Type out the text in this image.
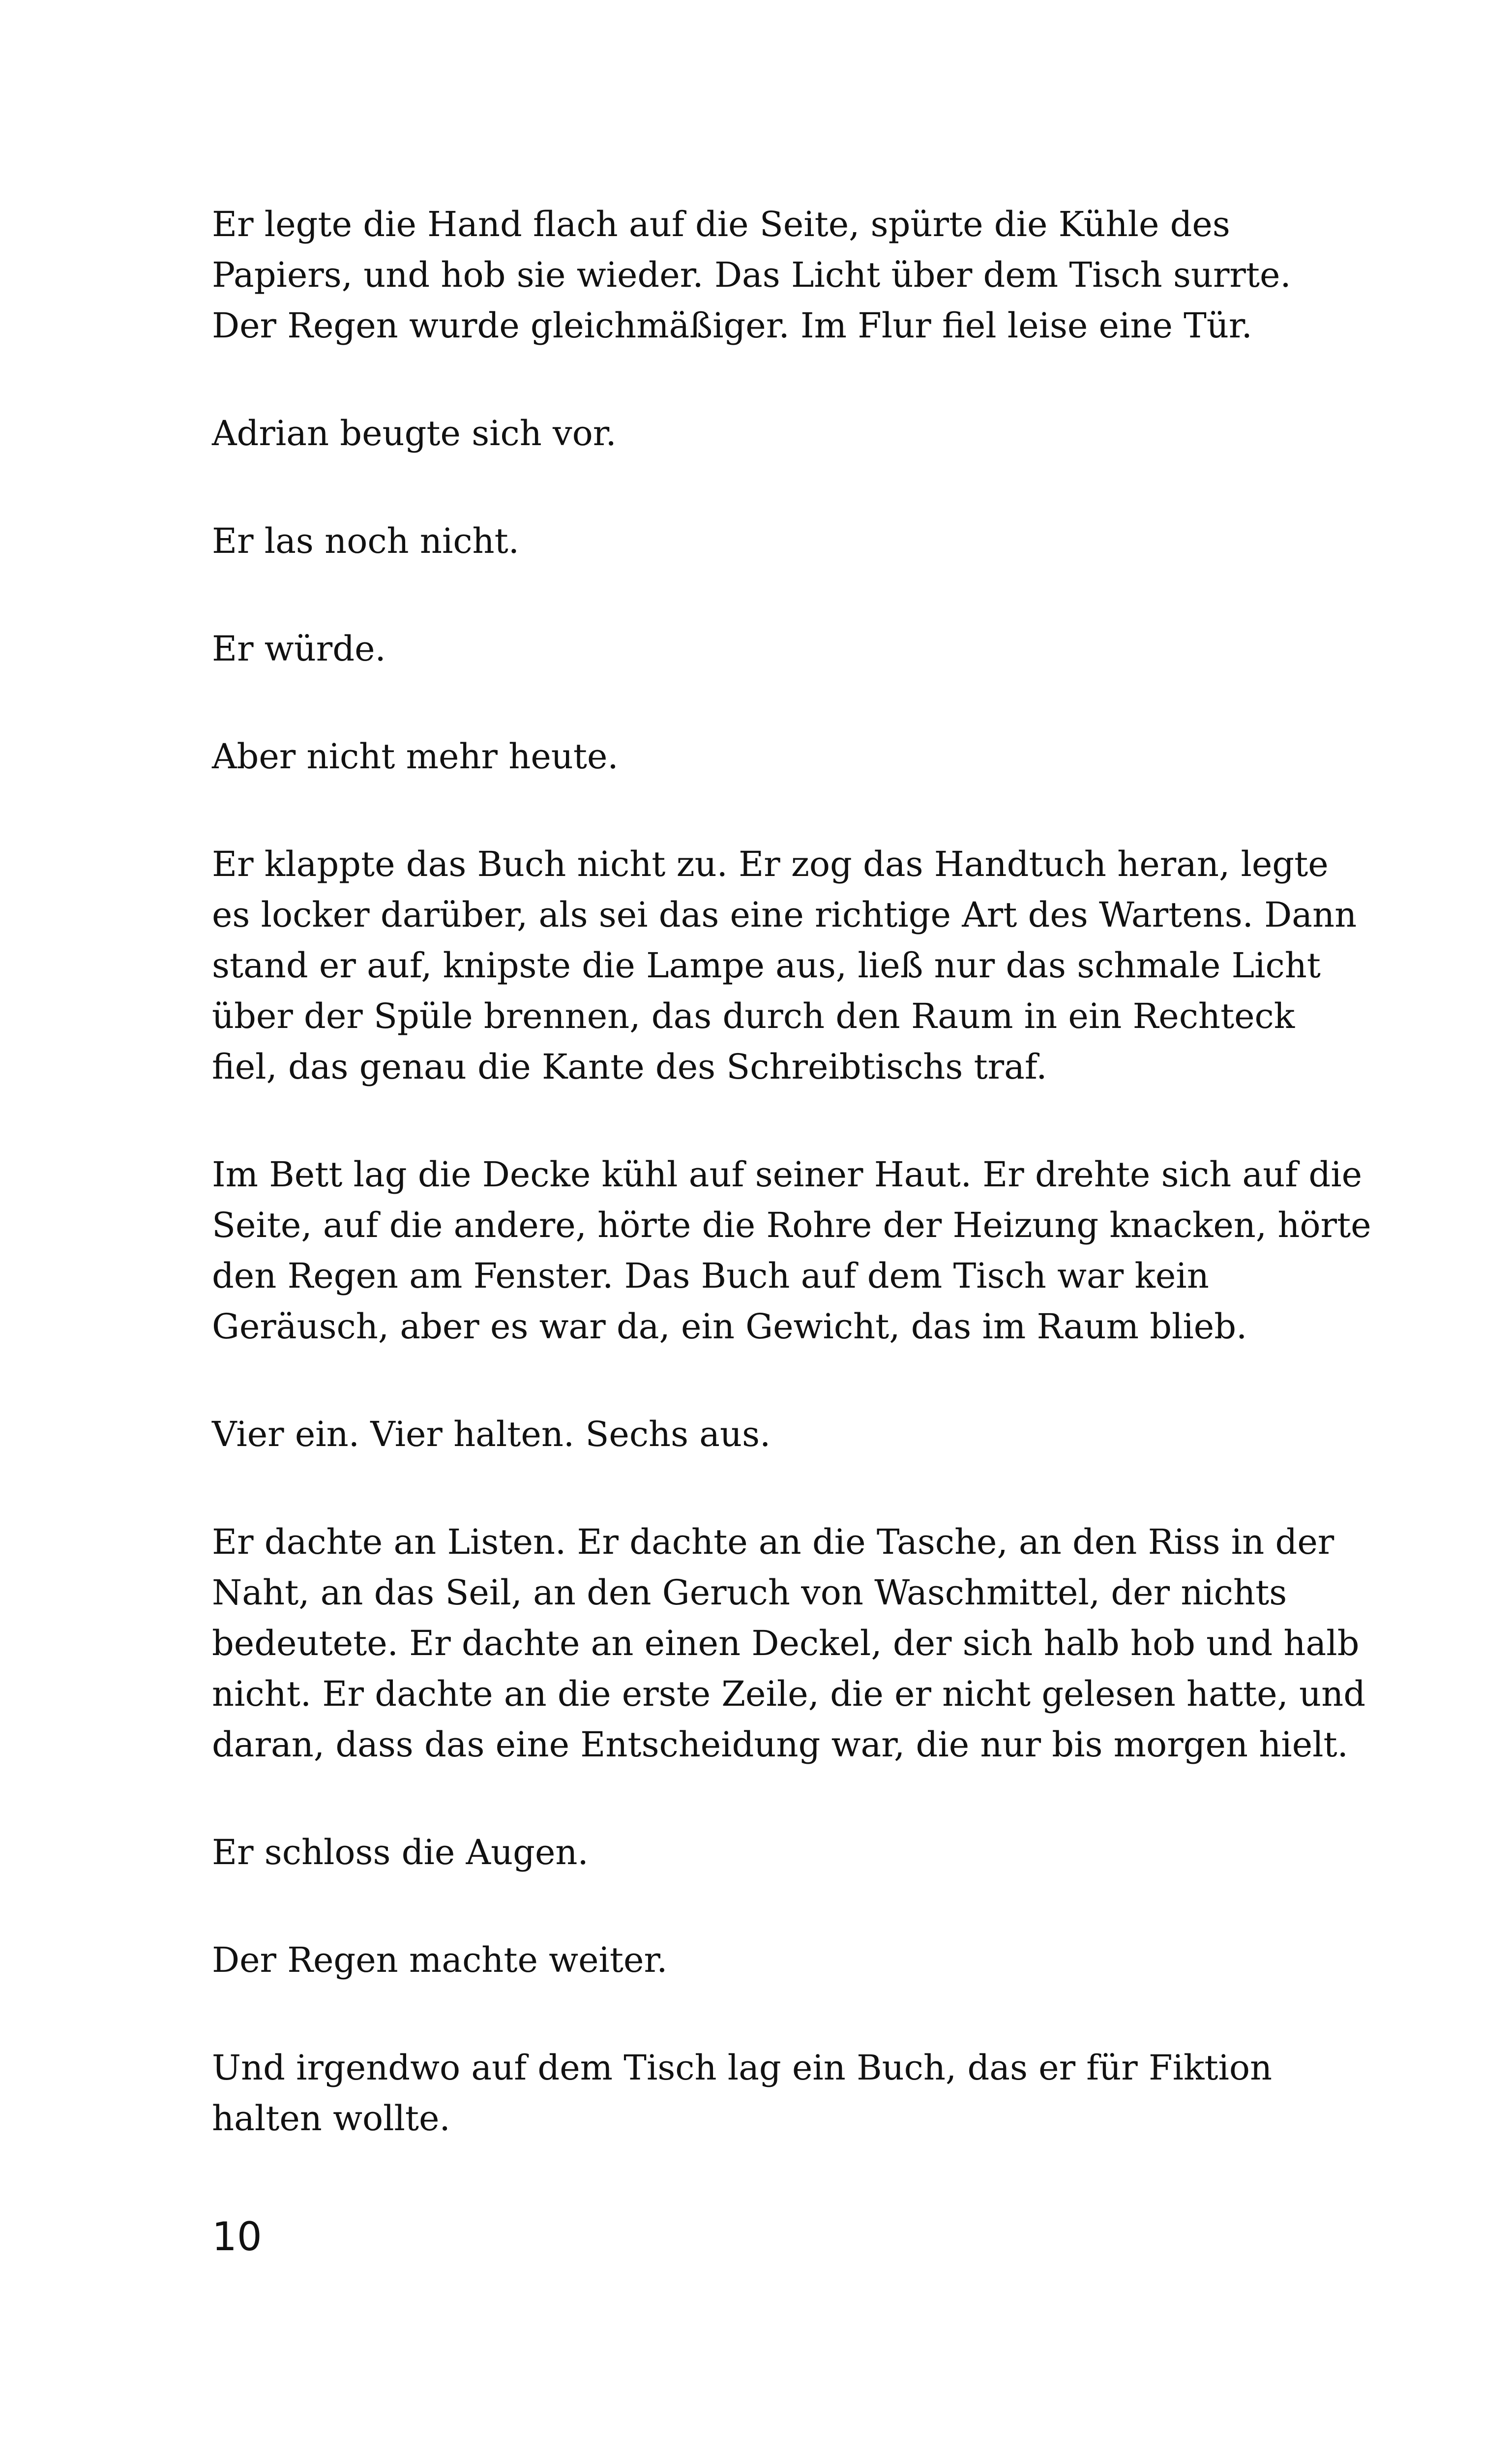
Er legte die Hand flach auf die Seite, spürte die Kühle des
Papiers, und hob sie wieder. Das Licht über dem Tisch surrte.
Der Regen wurde gleichmäßiger. Im Flur fiel leise eine Tür.

Adrian beugte sich vor.

Er las noch nicht.

Er würde.

Aber nicht mehr heute.

Er klappte das Buch nicht zu. Er zog das Handtuch heran, legte
es locker darüber, als sei das eine richtige Art des Wartens. Dann
stand er auf, knipste die Lampe aus, ließ nur das schmale Licht
über der Spüle brennen, das durch den Raum in ein Rechteck
fiel, das genau die Kante des Schreibtischs traf.

Im Bett lag die Decke kühl auf seiner Haut. Er drehte sich auf die
Seite, auf die andere, hörte die Rohre der Heizung knacken, hörte
den Regen am Fenster. Das Buch auf dem Tisch war kein
Geräusch, aber es war da, ein Gewicht, das im Raum blieb.

Vier ein. Vier halten. Sechs aus.

Er dachte an Listen. Er dachte an die Tasche, an den Riss in der
Naht, an das Seil, an den Geruch von Waschmittel, der nichts
bedeutete. Er dachte an einen Deckel, der sich halb hob und halb
nicht. Er dachte an die erste Zeile, die er nicht gelesen hatte, und
daran, dass das eine Entscheidung war, die nur bis morgen hielt.

Er schloss die Augen.

Der Regen machte weiter.

Und irgendwo auf dem Tisch lag ein Buch, das er für Fiktion
halten wollte.

10
